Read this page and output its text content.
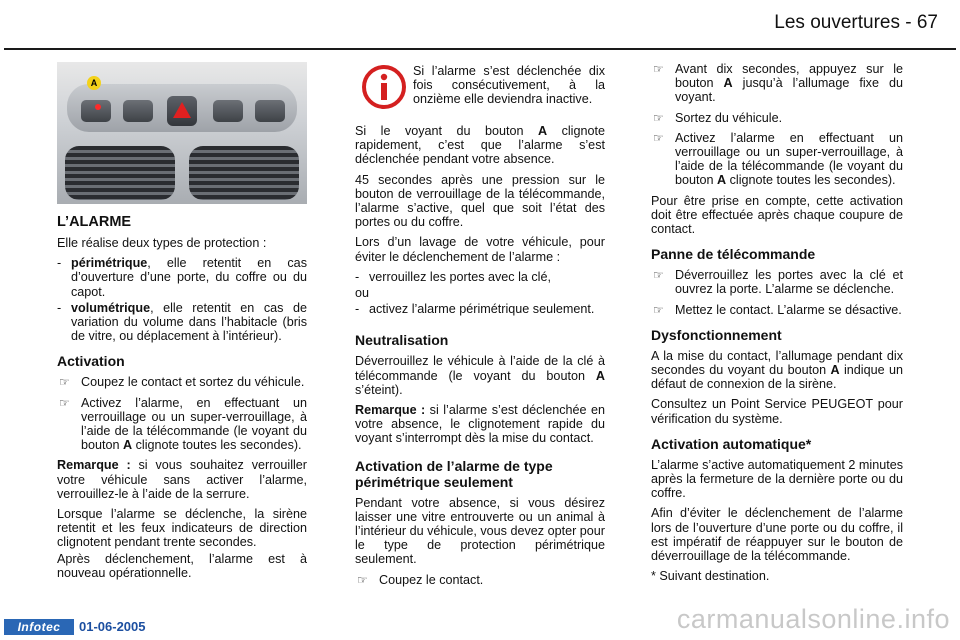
Les ouvertures - 67
A
L’ALARME

Elle réalise deux types de protection :

- périmétrique, elle retentit en cas d’ouverture d’une porte, du coffre ou du capot.
- volumétrique, elle retentit en cas de variation du volume dans l’habitacle (bris de vitre, ou déplacement à l’intérieur).
Activation
☞ Coupez le contact et sortez du véhicule.
☞ Activez l’alarme, en effectuant un verrouillage ou un super-verrouillage, à l’aide de la télécommande (le voyant du bouton A clignote toutes les secondes).

Remarque : si vous souhaitez verrouiller votre véhicule sans activer l’alarme, verrouillez-le à l’aide de la serrure.

Lorsque l’alarme se déclenche, la sirène retentit et les feux indicateurs de direction clignotent pendant trente secondes.

Après déclenchement, l’alarme est à nouveau opérationnelle.

Si l’alarme s’est déclenchée dix fois consécutivement, à la onzième elle deviendra inactive.

Si le voyant du bouton A clignote rapidement, c’est que l’alarme s’est déclenchée pendant votre absence.

45 secondes après une pression sur le bouton de verrouillage de la télécommande, l’alarme s’active, quel que soit l’état des portes ou du coffre.

Lors d’un lavage de votre véhicule, pour éviter le déclenchement de l’alarme :

- verrouillez les portes avec la clé,

ou

- activez l’alarme périmétrique seulement.
Neutralisation

Déverrouillez le véhicule à l’aide de la clé à télécommande (le voyant du bouton A s’éteint).

Remarque : si l’alarme s’est déclenchée en votre absence, le clignotement rapide du voyant s’interrompt dès la mise du contact.

Activation de l’alarme de type périmétrique seulement

Pendant votre absence, si vous désirez laisser une vitre entrouverte ou un animal à l’intérieur du véhicule, vous devez opter pour le type de protection périmétrique seulement.

☞ Coupez le contact.
☞ Avant dix secondes, appuyez sur le bouton A jusqu’à l’allumage fixe du voyant.
☞ Sortez du véhicule.
☞ Activez l’alarme en effectuant un verrouillage ou un super-verrouillage, à l’aide de la télécommande (le voyant du bouton A clignote toutes les secondes).

Pour être prise en compte, cette activation doit être effectuée après chaque coupure de contact.

Panne de télécommande
☞ Déverrouillez les portes avec la clé et ouvrez la porte. L’alarme se déclenche.
☞ Mettez le contact. L’alarme se désactive.
Dysfonctionnement

A la mise du contact, l’allumage pendant dix secondes du voyant du bouton A indique un défaut de connexion de la sirène.

Consultez un Point Service PEUGEOT pour vérification du système.

Activation automatique*

L’alarme s’active automatiquement 2 minutes après la fermeture de la dernière porte ou du coffre.

Afin d’éviter le déclenchement de l’alarme lors de l’ouverture d’une porte ou du coffre, il est impératif de réappuyer sur le bouton de déverrouillage de la télécommande.

* Suivant destination.

Infotec	01-06-2005	carmanualsonline.info
